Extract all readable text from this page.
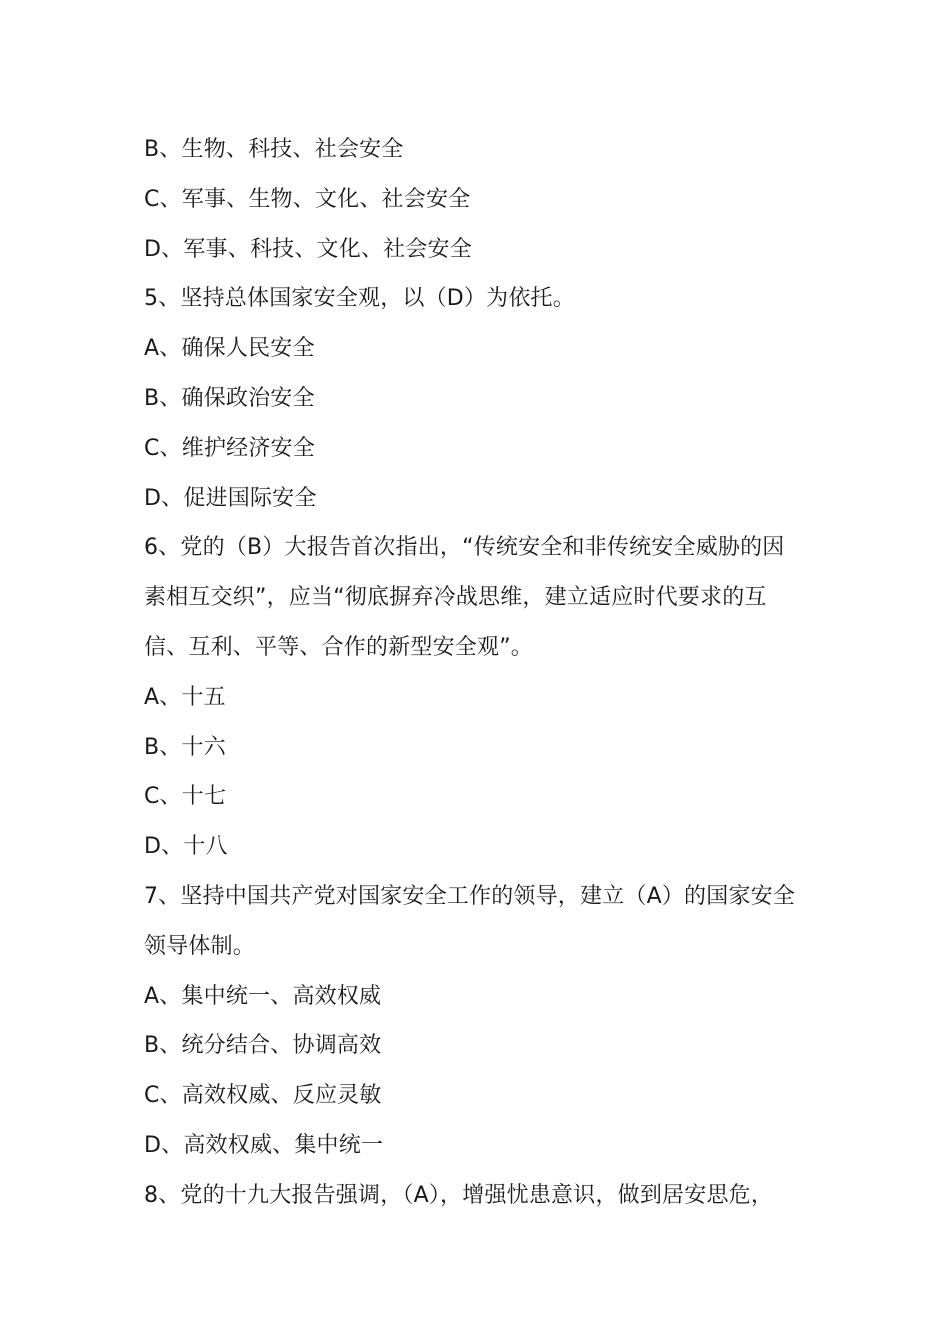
B、生物、科技、社会安全
C、军事、生物、文化、社会安全
D、军事、科技、文化、社会安全
5、坚持总体国家安全观，以（D）为依托。
A、确保人民安全
B、确保政治安全
C、维护经济安全
D、促进国际安全
6、党的（B）大报告首次指出，“传统安全和非传统安全威胁的因
素相互交织”，应当“彻底摒弃冷战思维，建立适应时代要求的互
信、互利、平等、合作的新型安全观”。
A、十五
B、十六
C、十七
D、十八
7、坚持中国共产党对国家安全工作的领导，建立（A）的国家安全
领导体制。
A、集中统一、高效权威
B、统分结合、协调高效
C、高效权威、反应灵敏
D、高效权威、集中统一
8、党的十九大报告强调，（A），增强忧患意识，做到居安思危，
